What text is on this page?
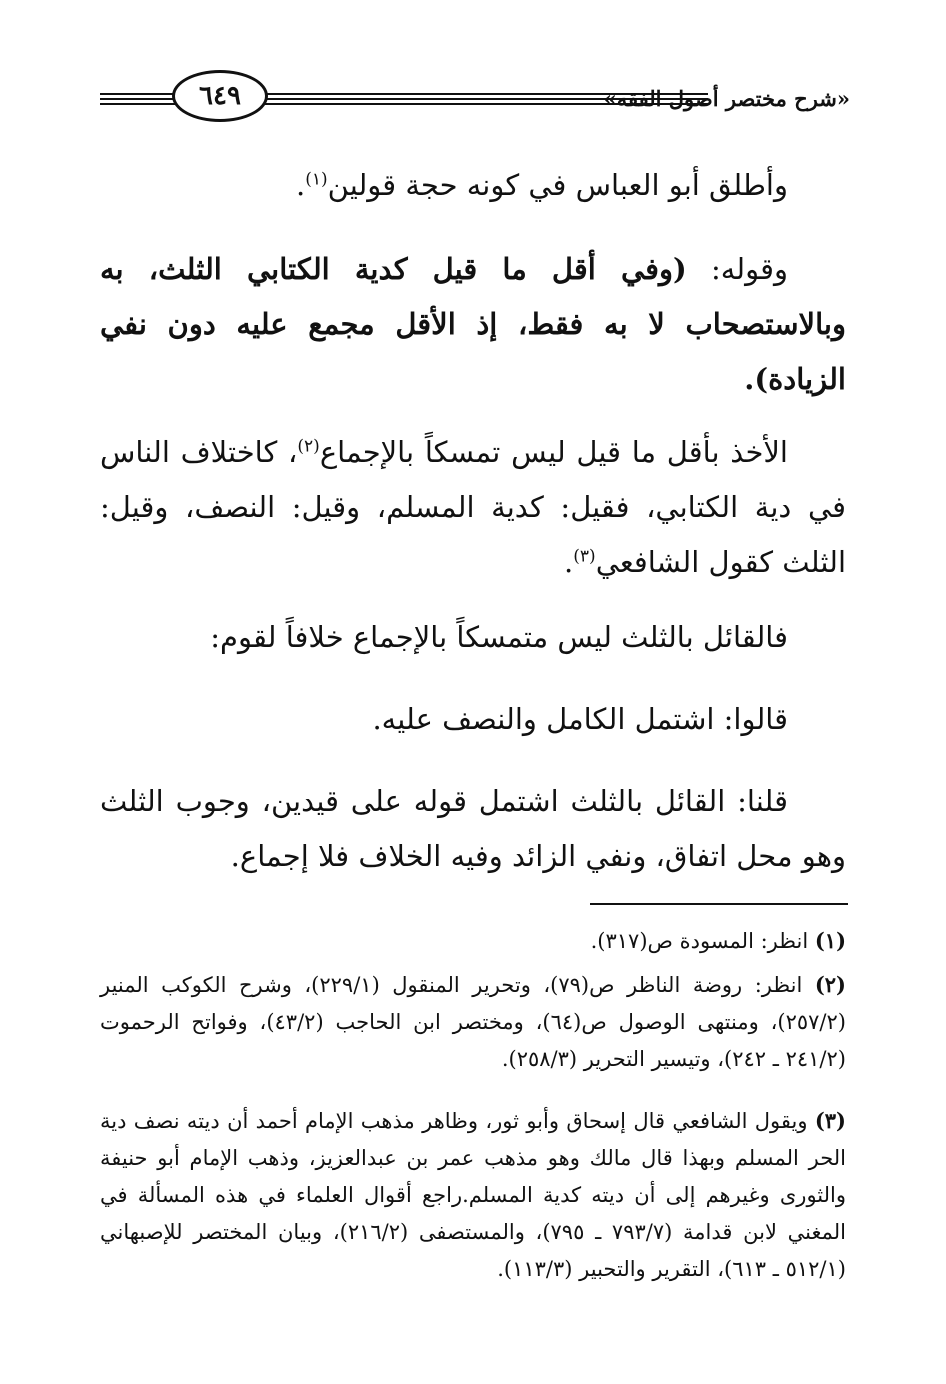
٦٤٩	«شرح مختصر أصول الفقه»

وأطلق أبو العباس في كونه حجة قولين$^{(١)}$.

وقوله: (وفي أقل ما قيل كدية الكتابي الثلث، به وبالاستصحاب لا به فقط، إذ الأقل مجمع عليه دون نفي الزيادة).

الأخذ بأقل ما قيل ليس تمسكاً بالإجماع$^{(٢)}$، كاختلاف الناس في دية الكتابي، فقيل: كدية المسلم، وقيل: النصف، وقيل: الثلث كقول الشافعي$^{(٣)}$.

فالقائل بالثلث ليس متمسكاً بالإجماع خلافاً لقوم:

قالوا: اشتمل الكامل والنصف عليه.

قلنا: القائل بالثلث اشتمل قوله على قيدين، وجوب الثلث وهو محل اتفاق، ونفي الزائد وفيه الخلاف فلا إجماع.

(١) انظر: المسودة ص(٣١٧).

(٢) انظر: روضة الناظر ص(٧٩)، وتحرير المنقول (٢٢٩/١)، وشرح الكوكب المنير (٢٥٧/٢)، ومنتهى الوصول ص(٦٤)، ومختصر ابن الحاجب (٤٣/٢)، وفواتح الرحموت (٢٤١/٢ ـ ٢٤٢)، وتيسير التحرير (٢٥٨/٣).

(٣) ويقول الشافعي قال إسحاق وأبو ثور، وظاهر مذهب الإمام أحمد أن ديته نصف دية الحر المسلم وبهذا قال مالك وهو مذهب عمر بن عبدالعزيز، وذهب الإمام أبو حنيفة والثورى وغيرهم إلى أن ديته كدية المسلم.راجع أقوال العلماء في هذه المسألة في المغني لابن قدامة (٧٩٣/٧ ـ ٧٩٥)، والمستصفى (٢١٦/٢)، وبيان المختصر للإصبهاني (٥١٢/١ ـ ٦١٣)، التقرير والتحبير (١١٣/٣).
